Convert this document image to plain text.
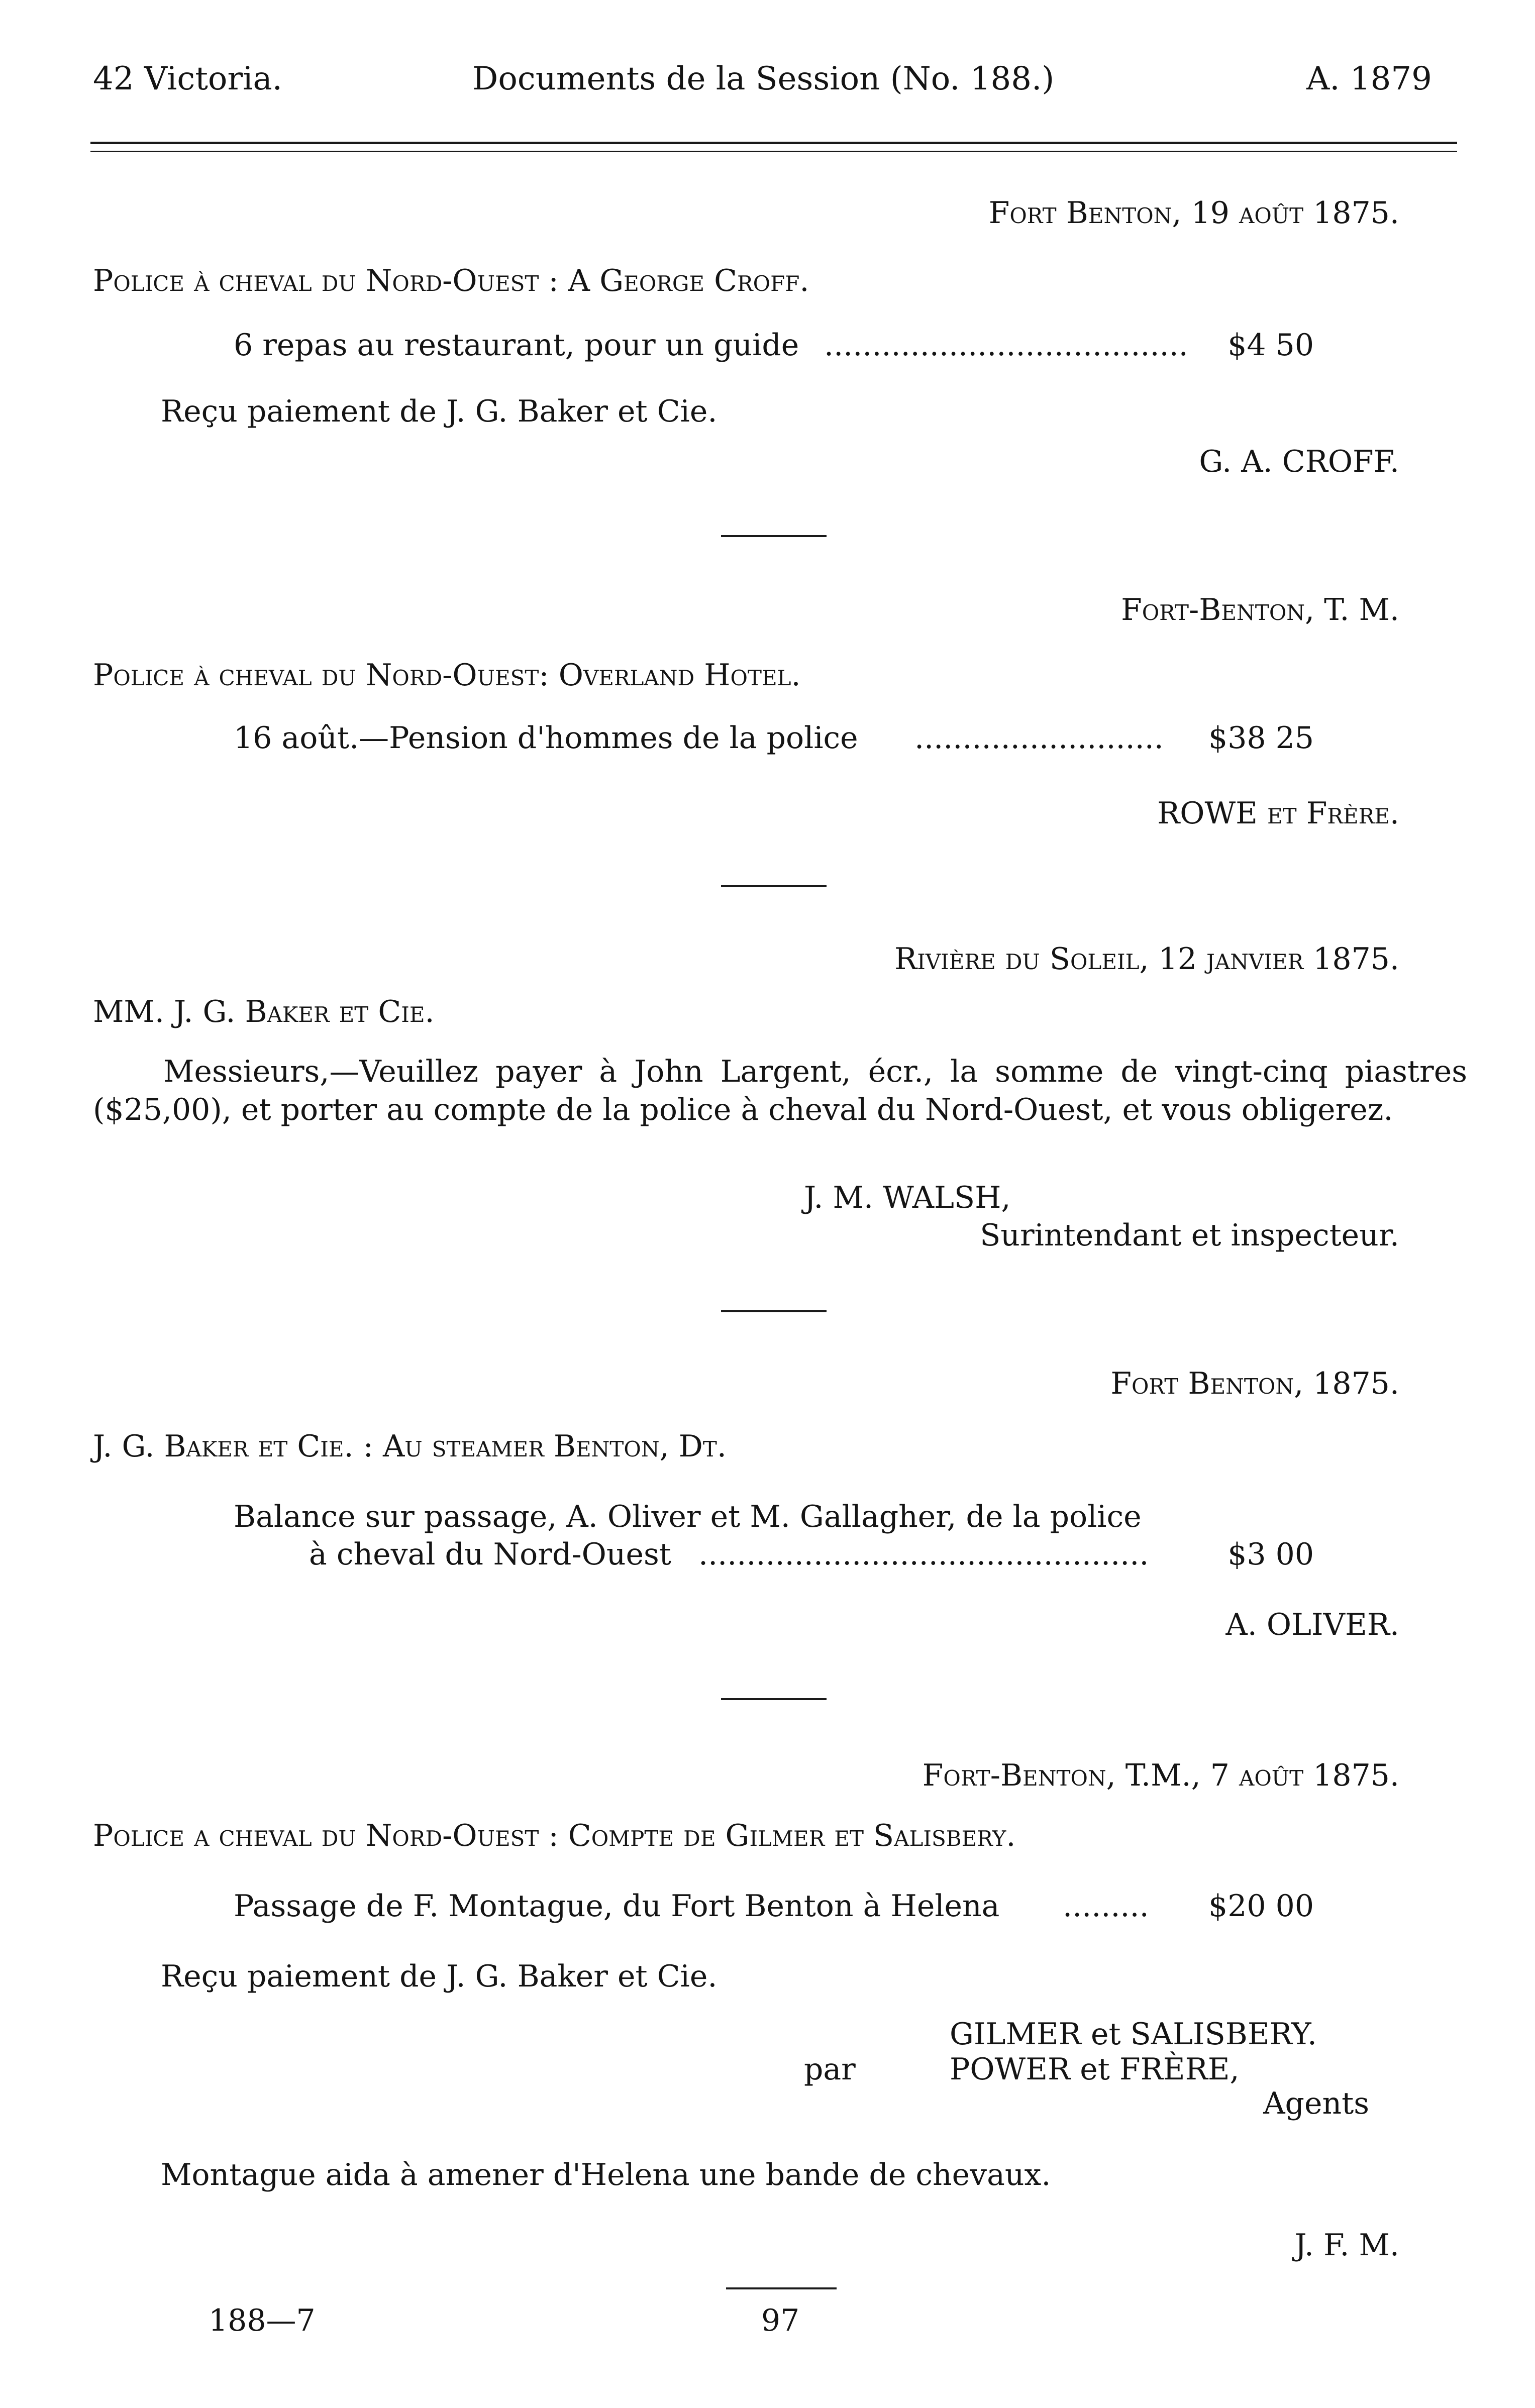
42 Victoria.	Documents de la Session (No. 188.)	A. 1879
Fort Benton, 19 août 1875.
Police à cheval du Nord-Ouest : A George Croff.
6 repas au restaurant, pour un guide ...................................... $4 50
Reçu paiement de J. G. Baker et Cie.
G. A. CROFF.
Fort-Benton, T. M.
Police à cheval du Nord-Ouest: Overland Hotel.
16 août.—Pension d'hommes de la police .......................... $38 25
ROWE et Frère.
Rivière du Soleil, 12 janvier 1875.
MM. J. G. Baker et Cie.
Messieurs,—Veuillez payer à John Largent, écr., la somme de vingt-cinq piastres ($25,00), et porter au compte de la police à cheval du Nord-Ouest, et vous obligerez.
J. M. WALSH,
Surintendant et inspecteur.
Fort Benton, 1875.
J. G. Baker et Cie. : Au steamer Benton, Dt.
Balance sur passage, A. Oliver et M. Gallagher, de la police
à cheval du Nord-Ouest ...............................................	$3 00
A. OLIVER.
Fort-Benton, T.M., 7 août 1875.
Police a cheval du Nord-Ouest : Compte de Gilmer et Salisbery.
Passage de F. Montague, du Fort Benton à Helena ......... $20 00
Reçu paiement de J. G. Baker et Cie.
GILMER et SALISBERY.
par	POWER et FRÈRE,
Agents
Montague aida à amener d'Helena une bande de chevaux.
J. F. M.
188—7	97
